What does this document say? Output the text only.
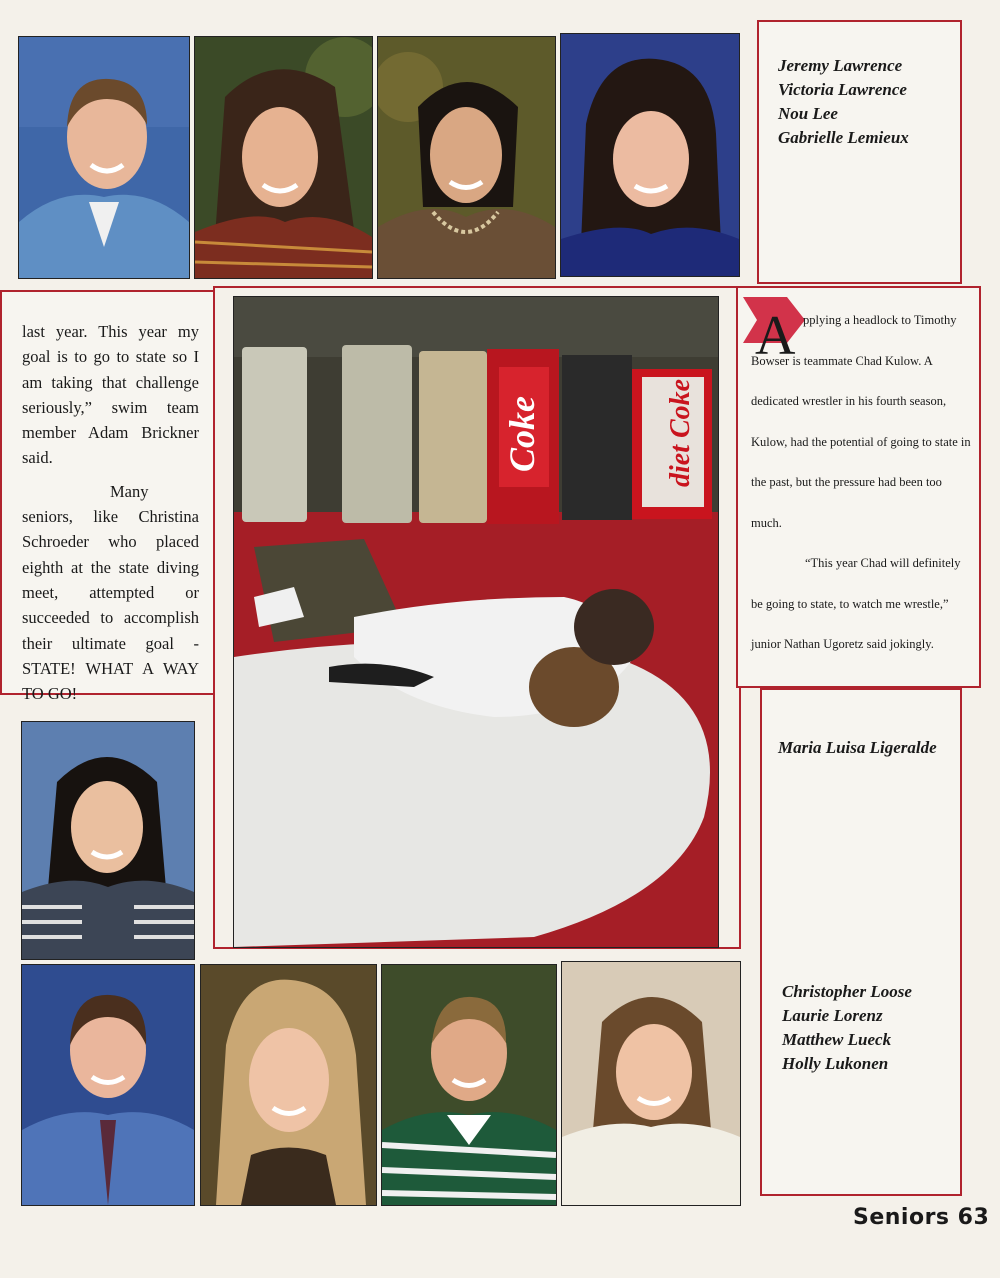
Jeremy Lawrence
Victoria Lawrence
Nou Lee
Gabrielle Lemieux

last year. This year my goal is to go to state so I am taking that challenge seriously,” swim team member Adam Brickner said.

Many seniors, like Christina Schroeder who placed eighth at the state diving meet, attempted or succeeded to accomplish their ultimate goal - STATE! WHAT A WAY TO GO!

Coke	diet Coke
A pplying a headlock to Timothy Bowser is teammate Chad Kulow. A dedicated wrestler in his fourth season, Kulow, had the potential of going to state in the past, but the pressure had been too much.

“This year Chad will definitely be going to state, to watch me wrestle,” junior Nathan Ugoretz said jokingly.

Maria Luisa Ligeralde
Christopher Loose
Laurie Lorenz
Matthew Lueck
Holly Lukonen
Seniors 63
